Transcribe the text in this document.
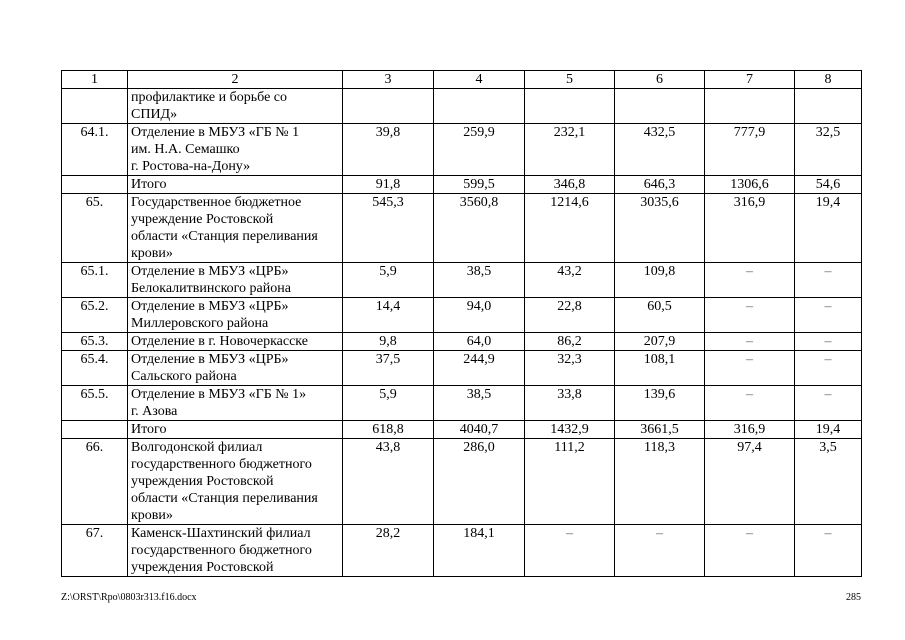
1	2	3	4	5	6	7	8
	профилактике и борьбе со
СПИД»						
64.1.	Отделение в МБУЗ «ГБ № 1
им. Н.А. Семашко
г. Ростова-на-Дону»	39,8	259,9	232,1	432,5	777,9	32,5
	Итого	91,8	599,5	346,8	646,3	1306,6	54,6
65.	Государственное бюджетное
учреждение Ростовской
области «Станция переливания
крови»	545,3	3560,8	1214,6	3035,6	316,9	19,4
65.1.	Отделение в МБУЗ «ЦРБ»
Белокалитвинского района	5,9	38,5	43,2	109,8	–	–
65.2.	Отделение в МБУЗ «ЦРБ»
Миллеровского района	14,4	94,0	22,8	60,5	–	–
65.3.	Отделение в г. Новочеркасске	9,8	64,0	86,2	207,9	–	–
65.4.	Отделение в МБУЗ «ЦРБ»
Сальского района	37,5	244,9	32,3	108,1	–	–
65.5.	Отделение в МБУЗ «ГБ № 1»
г. Азова	5,9	38,5	33,8	139,6	–	–
	Итого	618,8	4040,7	1432,9	3661,5	316,9	19,4
66.	Волгодонской филиал
государственного бюджетного
учреждения Ростовской
области «Станция переливания
крови»	43,8	286,0	111,2	118,3	97,4	3,5
67.	Каменск-Шахтинский филиал
государственного бюджетного
учреждения Ростовской	28,2	184,1	–	–	–	–
Z:\ORST\Rpo\0803r313.f16.docx	285
